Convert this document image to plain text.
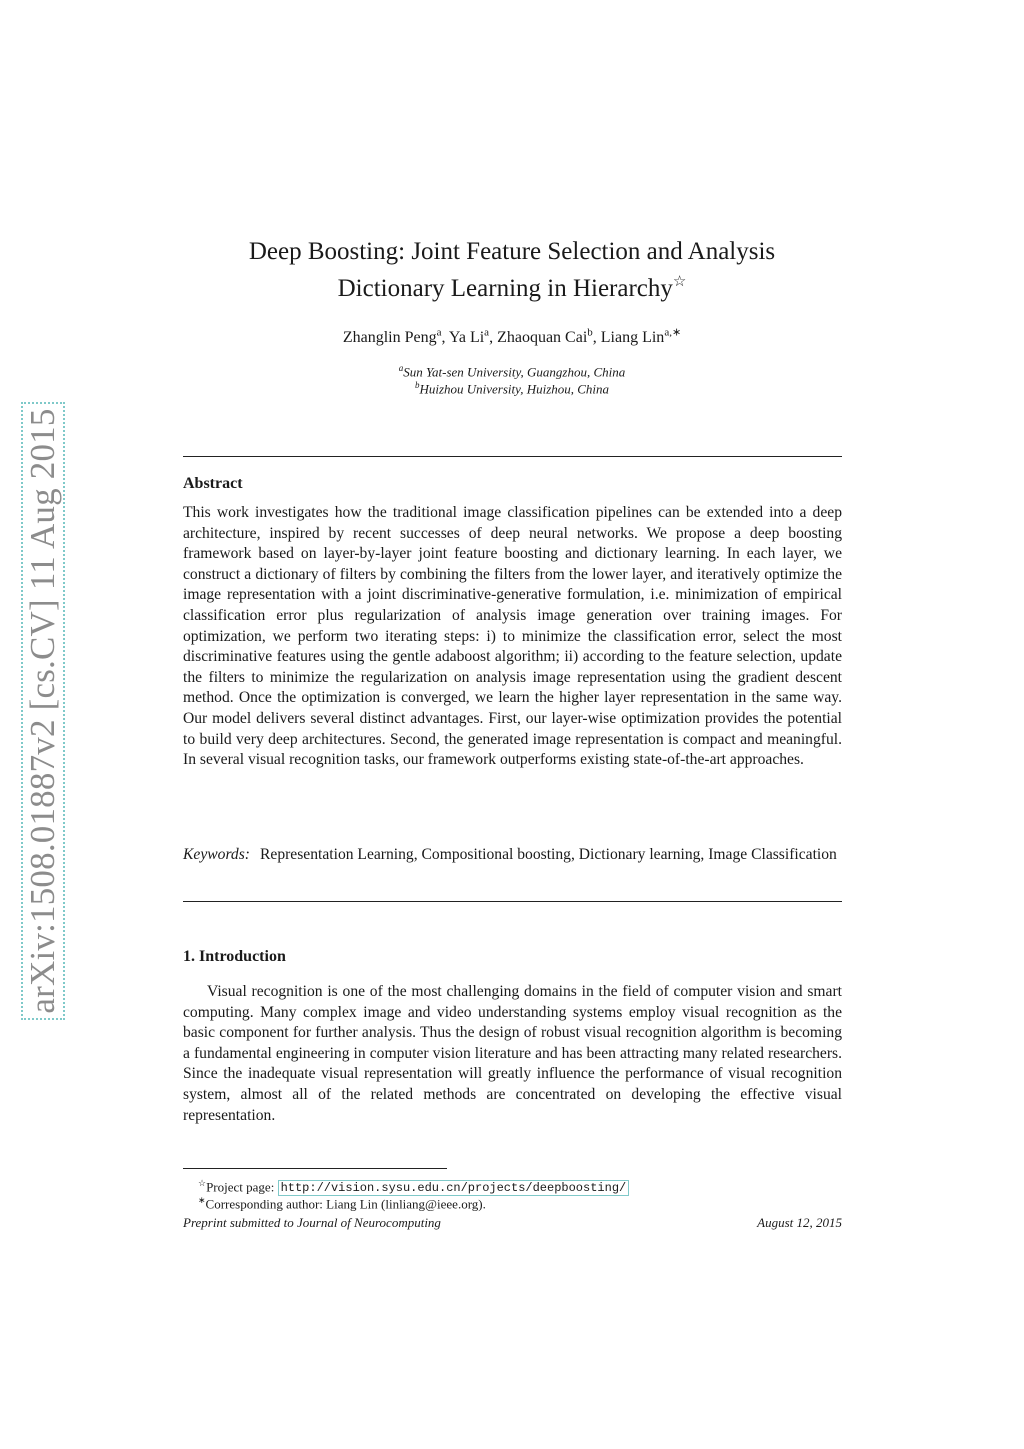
arXiv:1508.01887v2 [cs.CV] 11 Aug 2015
Deep Boosting: Joint Feature Selection and Analysis
Dictionary Learning in Hierarchy☆
Zhanglin Peng$^a$, Ya Li$^a$, Zhaoquan Cai$^b$, Liang Lin$^{a,∗}$
$^a$Sun Yat-sen University, Guangzhou, China
$^b$Huizhou University, Huizhou, China
Abstract
This work investigates how the traditional image classification pipelines can be extended into a deep architecture, inspired by recent successes of deep neural networks. We propose a deep boosting framework based on layer-by-layer joint feature boosting and dictionary learning. In each layer, we construct a dictionary of filters by combining the filters from the lower layer, and iteratively optimize the image representation with a joint discriminative-generative formulation, i.e. minimization of empirical classification error plus regularization of analysis image generation over training images. For optimization, we perform two iterating steps: i) to minimize the classification error, select the most discriminative features using the gentle adaboost algorithm; ii) according to the feature selection, update the filters to minimize the regularization on analysis image representation using the gradient descent method. Once the optimization is converged, we learn the higher layer representation in the same way. Our model delivers several distinct advantages. First, our layer-wise optimization provides the potential to build very deep architectures. Second, the generated image representation is compact and meaningful. In several visual recognition tasks, our framework outperforms existing state-of-the-art approaches.
Keywords: Representation Learning, Compositional boosting, Dictionary learning, Image Classification
1. Introduction
Visual recognition is one of the most challenging domains in the field of computer vision and smart computing. Many complex image and video understanding systems employ visual recognition as the basic component for further analysis. Thus the design of robust visual recognition algorithm is becoming a fundamental engineering in computer vision literature and has been attracting many related researchers. Since the inadequate visual representation will greatly influence the performance of visual recognition system, almost all of the related methods are concentrated on developing the effective visual representation.
☆Project page: http://vision.sysu.edu.cn/projects/deepboosting/
∗Corresponding author: Liang Lin (linliang@ieee.org).
Preprint submitted to Journal of Neurocomputing	August 12, 2015
